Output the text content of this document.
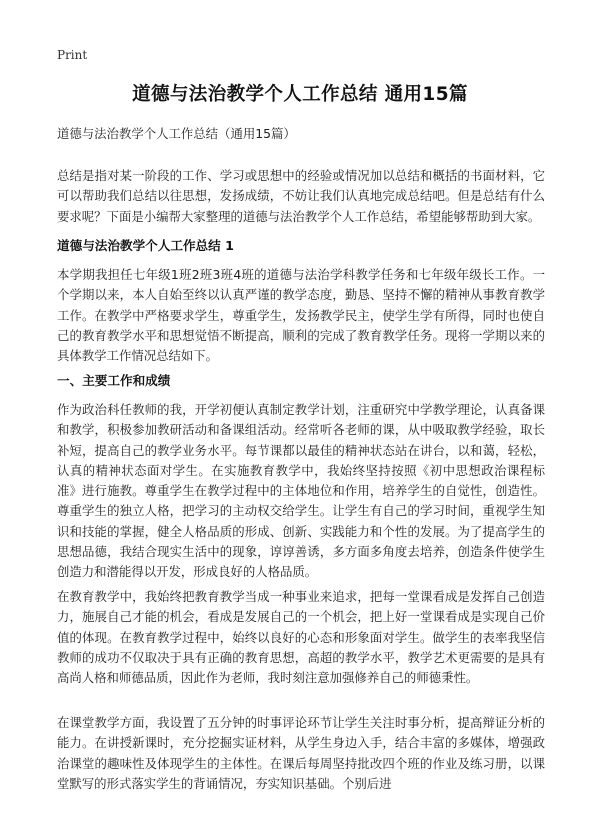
Print
道德与法治教学个人工作总结 通用15篇
道德与法治教学个人工作总结（通用15篇）

总结是指对某一阶段的工作、学习或思想中的经验或情况加以总结和概括的书面材料，它可以帮助我们总结以往思想，发扬成绩，不妨让我们认真地完成总结吧。但是总结有什么要求呢？下面是小编帮大家整理的道德与法治教学个人工作总结，希望能够帮助到大家。

道德与法治教学个人工作总结 1

本学期我担任七年级1班2班3班4班的道德与法治学科教学任务和七年级年级长工作。一个学期以来，本人自始至终以认真严谨的教学态度，勤恳、坚持不懈的精神从事教育教学工作。在教学中严格要求学生，尊重学生，发扬教学民主，使学生学有所得，同时也使自己的教育教学水平和思想觉悟不断提高，顺利的完成了教育教学任务。现将一学期以来的具体教学工作情况总结如下。

一、主要工作和成绩

作为政治科任教师的我，开学初便认真制定教学计划，注重研究中学教学理论，认真备课和教学，积极参加教研活动和备课组活动。经常听各老师的课，从中吸取教学经验，取长补短，提高自己的教学业务水平。每节课都以最佳的精神状态站在讲台，以和蔼，轻松，认真的精神状态面对学生。在实施教育教学中，我始终坚持按照《初中思想政治课程标准》进行施教。尊重学生在教学过程中的主体地位和作用，培养学生的自觉性，创造性。尊重学生的独立人格，把学习的主动权交给学生。让学生有自己的学习时间，重视学生知识和技能的掌握，健全人格品质的形成、创新、实践能力和个性的发展。为了提高学生的思想品德，我结合现实生活中的现象，谆谆善诱，多方面多角度去培养，创造条件使学生创造力和潜能得以开发，形成良好的人格品质。

在教育教学中，我始终把教育教学当成一种事业来追求，把每一堂课看成是发挥自己创造力，施展自己才能的机会，看成是发展自己的一个机会，把上好一堂课看成是实现自己价值的体现。在教育教学过程中，始终以良好的心态和形象面对学生。做学生的表率我坚信教师的成功不仅取决于具有正确的教育思想，高超的教学水平，教学艺术更需要的是具有高尚人格和师德品质，因此作为老师，我时刻注意加强修养自己的师德秉性。

在课堂教学方面，我设置了五分钟的时事评论环节让学生关注时事分析，提高辩证分析的能力。在讲授新课时，充分挖掘实证材料，从学生身边入手，结合丰富的多媒体，增强政治课堂的趣味性及体现学生的主体性。在课后每周坚持批改四个班的作业及练习册，以课堂默写的形式落实学生的背诵情况，夯实知识基础。个别后进
